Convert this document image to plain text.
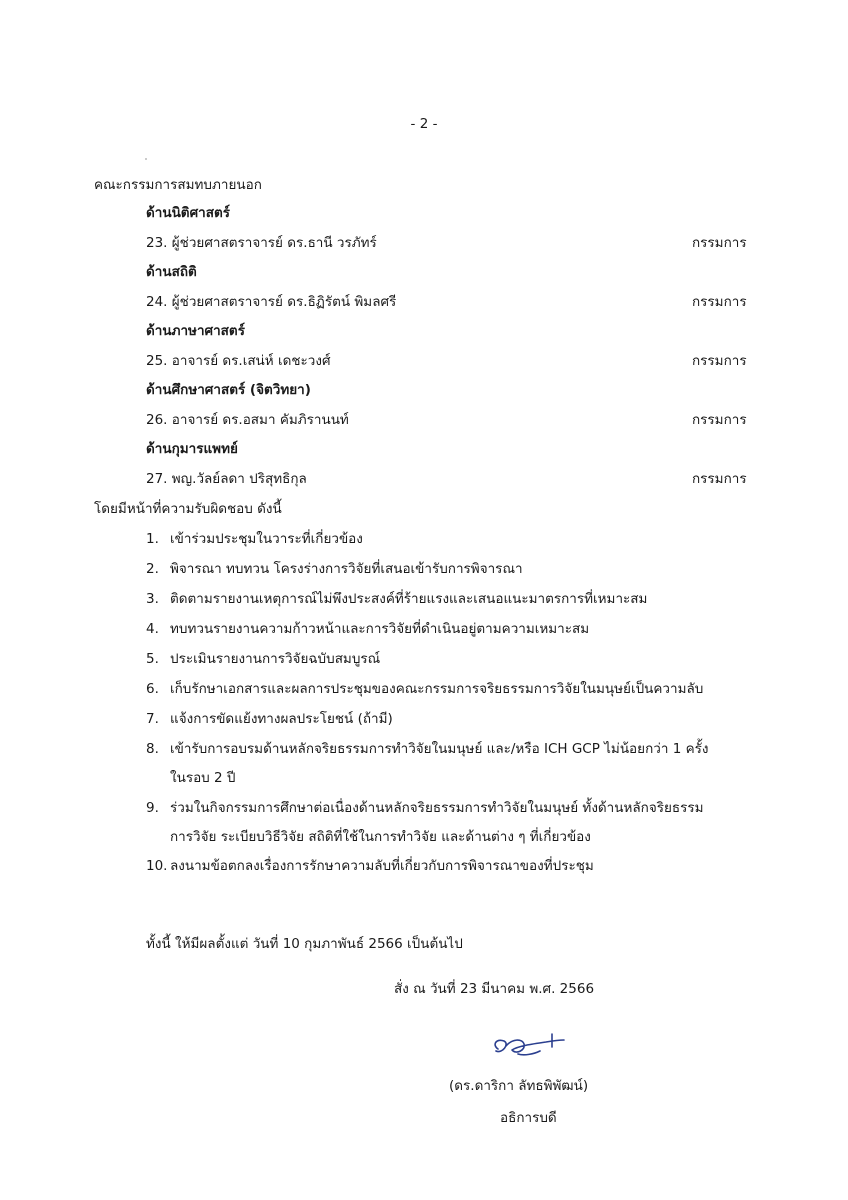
- 2 -
คณะกรรมการสมทบภายนอก
ด้านนิติศาสตร์
23. ผู้ช่วยศาสตราจารย์ ดร.ธานี วรภัทร์	กรรมการ
ด้านสถิติ
24. ผู้ช่วยศาสตราจารย์ ดร.ธิฏิรัตน์ พิมลศรี	กรรมการ
ด้านภาษาศาสตร์
25. อาจารย์ ดร.เสน่ห์ เดชะวงศ์	กรรมการ
ด้านศึกษาศาสตร์ (จิตวิทยา)
26. อาจารย์ ดร.อสมา คัมภิรานนท์	กรรมการ
ด้านกุมารแพทย์
27. พญ.วัลย์ลดา ปริสุทธิกุล	กรรมการ
โดยมีหน้าที่ความรับผิดชอบ ดังนี้
1. เข้าร่วมประชุมในวาระที่เกี่ยวข้อง
2. พิจารณา ทบทวน โครงร่างการวิจัยที่เสนอเข้ารับการพิจารณา
3. ติดตามรายงานเหตุการณ์ไม่พึงประสงค์ที่ร้ายแรงและเสนอแนะมาตรการที่เหมาะสม
4. ทบทวนรายงานความก้าวหน้าและการวิจัยที่ดำเนินอยู่ตามความเหมาะสม
5. ประเมินรายงานการวิจัยฉบับสมบูรณ์
6. เก็บรักษาเอกสารและผลการประชุมของคณะกรรมการจริยธรรมการวิจัยในมนุษย์เป็นความลับ
7. แจ้งการขัดแย้งทางผลประโยชน์ (ถ้ามี)
8. เข้ารับการอบรมด้านหลักจริยธรรมการทำวิจัยในมนุษย์ และ/หรือ ICH GCP ไม่น้อยกว่า 1 ครั้ง
ในรอบ 2 ปี
9. ร่วมในกิจกรรมการศึกษาต่อเนื่องด้านหลักจริยธรรมการทำวิจัยในมนุษย์ ทั้งด้านหลักจริยธรรม
การวิจัย ระเบียบวิธีวิจัย สถิติที่ใช้ในการทำวิจัย และด้านต่าง ๆ ที่เกี่ยวข้อง
10. ลงนามข้อตกลงเรื่องการรักษาความลับที่เกี่ยวกับการพิจารณาของที่ประชุม
ทั้งนี้ ให้มีผลตั้งแต่ วันที่ 10 กุมภาพันธ์ 2566 เป็นต้นไป
สั่ง ณ วันที่ 23 มีนาคม พ.ศ. 2566
(ดร.ดาริกา ลัทธพิพัฒน์)
อธิการบดี
